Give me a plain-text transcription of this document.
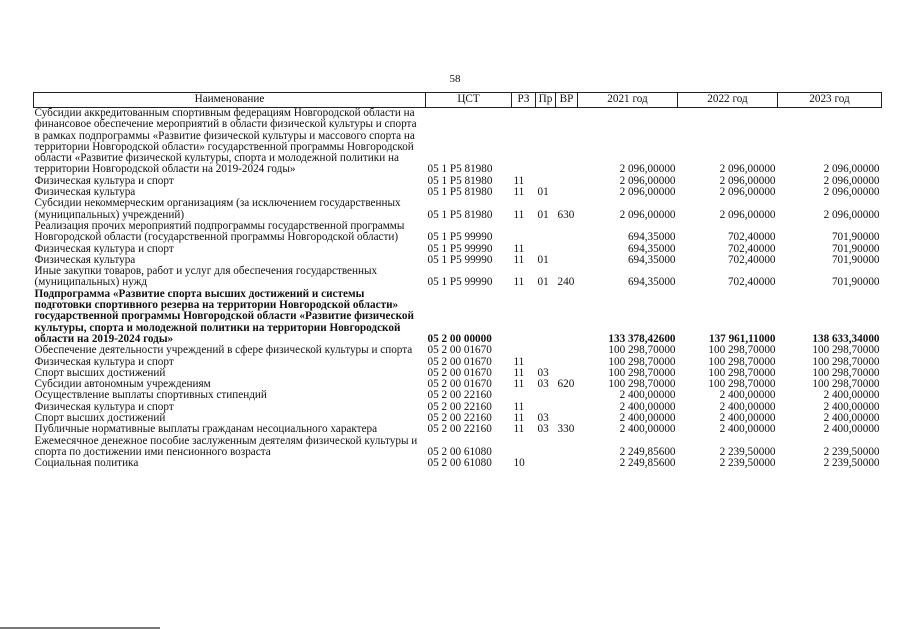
58
Наименование	ЦСТ	РЗ	Пр	ВР	2021 год	2022 год	2023 год
Субсидии аккредитованным спортивным федерациям Новгородской области на финансовое обеспечение мероприятий в области физической культуры и спорта в рамках подпрограммы «Развитие физической культуры и массового спорта на территории Новгородской области» государственной программы Новгородской области «Развитие физической культуры, спорта и молодежной политики на территории Новгородской области на 2019-2024 годы»	05 1 P5 81980				2 096,00000	2 096,00000	2 096,00000
Физическая культура и спорт	05 1 P5 81980	11			2 096,00000	2 096,00000	2 096,00000
Физическая культура	05 1 P5 81980	11	01		2 096,00000	2 096,00000	2 096,00000
Субсидии некоммерческим организациям (за исключением государственных (муниципальных) учреждений)	05 1 P5 81980	11	01	630	2 096,00000	2 096,00000	2 096,00000
Реализация прочих мероприятий подпрограммы государственной программы Новгородской области (государственной программы Новгородской области)	05 1 P5 99990				694,35000	702,40000	701,90000
Физическая культура и спорт	05 1 P5 99990	11			694,35000	702,40000	701,90000
Физическая культура	05 1 P5 99990	11	01		694,35000	702,40000	701,90000
Иные закупки товаров, работ и услуг для обеспечения государственных (муниципальных) нужд	05 1 P5 99990	11	01	240	694,35000	702,40000	701,90000
Подпрограмма «Развитие спорта высших достижений и системы подготовки спортивного резерва на территории Новгородской области» государственной программы Новгородской области «Развитие физической культуры, спорта и молодежной политики на территории Новгородской области на 2019-2024 годы»	05 2 00 00000				133 378,42600	137 961,11000	138 633,34000
Обеспечение деятельности учреждений в сфере физической культуры и спорта	05 2 00 01670				100 298,70000	100 298,70000	100 298,70000
Физическая культура и спорт	05 2 00 01670	11			100 298,70000	100 298,70000	100 298,70000
Спорт высших достижений	05 2 00 01670	11	03		100 298,70000	100 298,70000	100 298,70000
Субсидии автономным учреждениям	05 2 00 01670	11	03	620	100 298,70000	100 298,70000	100 298,70000
Осуществление выплаты спортивных стипендий	05 2 00 22160				2 400,00000	2 400,00000	2 400,00000
Физическая культура и спорт	05 2 00 22160	11			2 400,00000	2 400,00000	2 400,00000
Спорт высших достижений	05 2 00 22160	11	03		2 400,00000	2 400,00000	2 400,00000
Публичные нормативные выплаты гражданам несоциального характера	05 2 00 22160	11	03	330	2 400,00000	2 400,00000	2 400,00000
Ежемесячное денежное пособие заслуженным деятелям физической культуры и спорта по достижении ими пенсионного возраста	05 2 00 61080				2 249,85600	2 239,50000	2 239,50000
Социальная политика	05 2 00 61080	10			2 249,85600	2 239,50000	2 239,50000
